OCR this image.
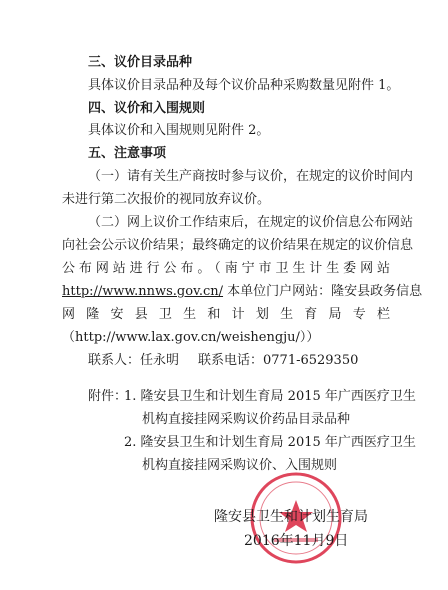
三、议价目录品种
具体议价目录品种及每个议价品种采购数量见附件 1。
四、议价和入围规则
具体议价和入围规则见附件 2。
五、注意事项
（一）请有关生产商按时参与议价，在规定的议价时间内
未进行第二次报价的视同放弃议价。
（二）网上议价工作结束后，在规定的议价信息公布网站
向社会公示议价结果；最终确定的议价结果在规定的议价信息
公布网站进行公布。（南宁市卫生计生委网站
http://www.nnws.gov.cn/ 本单位门户网站：隆安县政务信息
网隆安县卫生和计划生育局专栏
（http://www.lax.gov.cn/weishengju/））
联系人：任永明 联系电话：0771-6529350
附件：
1. 隆安县卫生和计划生育局 2015 年广西医疗卫生
机构直接挂网采购议价药品目录品种
2. 隆安县卫生和计划生育局 2015 年广西医疗卫生
机构直接挂网采购议价、入围规则
隆安县卫生和计划生育局
2016年11月9日
